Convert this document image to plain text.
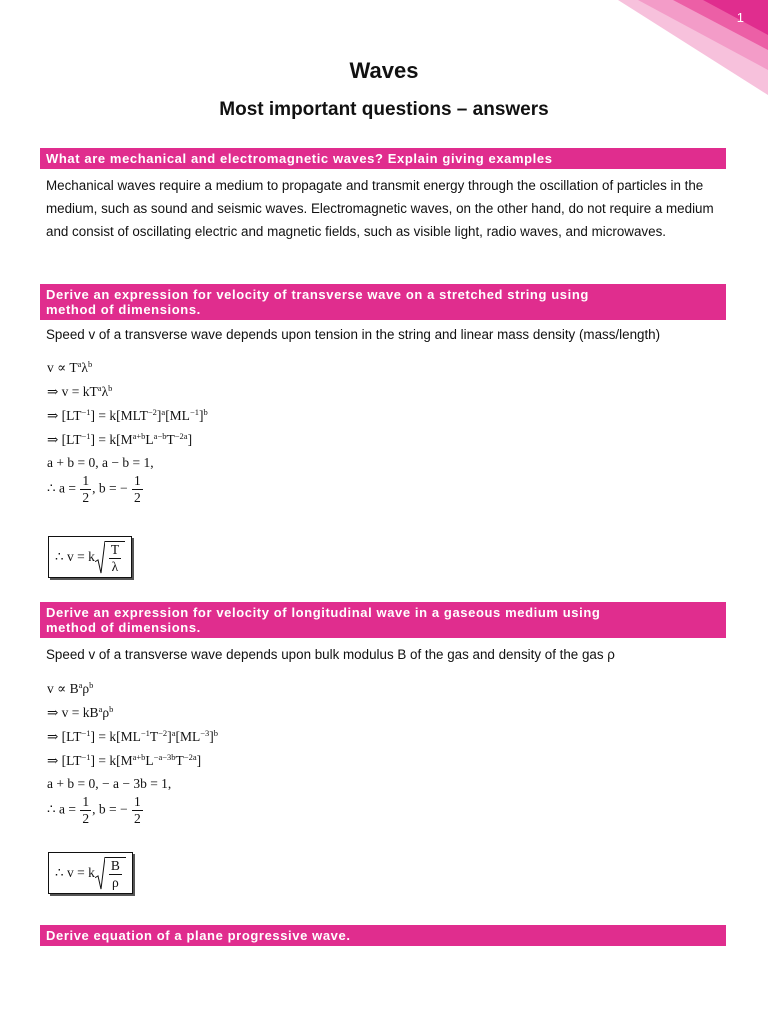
1
Waves
Most important questions – answers
What are mechanical and electromagnetic waves? Explain giving examples
Mechanical waves require a medium to propagate and transmit energy through the oscillation of particles in the medium, such as sound and seismic waves. Electromagnetic waves, on the other hand, do not require a medium and consist of oscillating electric and magnetic fields, such as visible light, radio waves, and microwaves.
Derive an expression for velocity of transverse wave on a stretched string using
method of dimensions.
Speed v of a transverse wave depends upon tension in the string and linear mass density (mass/length)
$v \propto T^a\lambda^b$
⇒ $v = kT^a\lambda^b$
⇒ $[LT^{-1}] = k[MLT^{-2}]^a[ML^{-1}]^b$
⇒ $[LT^{-1}] = k[M^{a+b}L^{a-b}T^{-2a}]$
a + b = 0, a − b = 1,
∴ $a = \frac{1}{2}$ , b = − $\frac{1}{2}$
∴ v = k $\frac{T}{\lambda}$
Derive an expression for velocity of longitudinal wave in a gaseous medium using
method of dimensions.
Speed v of a transverse wave depends upon bulk modulus B of the gas and density of the gas ρ
$v \propto B^a\rho^b$
⇒ $v = kB^a\rho^b$
⇒ $[LT^{-1}] = k[ML^{-1}T^{-2}]^a[ML^{-3}]^b$
⇒ $[LT^{-1}] = k[M^{a+b}L^{-a-3b}T^{-2a}]$
a + b = 0, − a − 3b = 1,
∴ $a = \frac{1}{2}$ , b = − $\frac{1}{2}$
∴ v = k $\frac{B}{\rho}$
Derive equation of a plane progressive wave.
